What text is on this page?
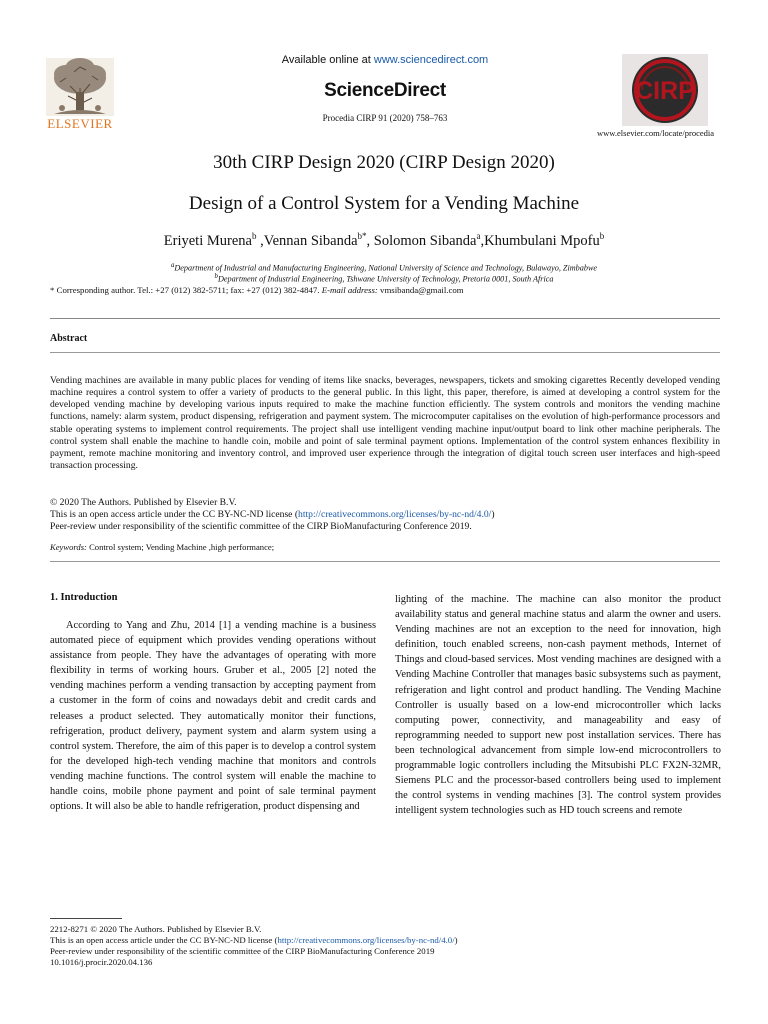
ELSEVIER
Available online at www.sciencedirect.com
ScienceDirect
Procedia CIRP 91 (2020) 758–763
CIRP
www.elsevier.com/locate/procedia
30th CIRP Design 2020 (CIRP Design 2020)
Design of a Control System for a Vending Machine
Eriyeti Murena$^b$ ,Vennan Sibanda$^{b*}$, Solomon Sibanda$^a$,Khumbulani Mpofu$^b$
$^a$Department of Industrial and Manufacturing Engineering, National University of Science and Technology, Bulawayo, Zimbabwe
$^b$Department of Industrial Engineering, Tshwane University of Technology, Pretoria 0001, South Africa
* Corresponding author. Tel.: +27 (012) 382-5711; fax: +27 (012) 382-4847. E-mail address: vmsibanda@gmail.com
Abstract
Vending machines are available in many public places for vending of items like snacks, beverages, newspapers, tickets and smoking cigarettes Recently developed vending machine requires a control system to offer a variety of products to the general public. In this light, this paper, therefore, is aimed at developing a control system for the developed vending machine by developing various inputs required to make the machine function efficiently. The system controls and monitors the vending machine functions, namely: alarm system, product dispensing, refrigeration and payment system. The microcomputer capitalises on the evolution of high-performance processors and stable operating systems to implement control requirements. The project shall use intelligent vending machine input/output board to link other machine peripherals. The control system shall enable the machine to handle coin, mobile and point of sale terminal payment options. Implementation of the control system enhances flexibility in payment, remote machine monitoring and inventory control, and improved user experience through the integration of digital touch screen user interfaces and high-speed transaction processing.
© 2020 The Authors. Published by Elsevier B.V.
This is an open access article under the CC BY-NC-ND license (http://creativecommons.org/licenses/by-nc-nd/4.0/)
Peer-review under responsibility of the scientific committee of the CIRP BioManufacturing Conference 2019.
Keywords: Control system; Vending Machine ,high performance;
1. Introduction
According to Yang and Zhu, 2014 [1] a vending machine is a business automated piece of equipment which provides vending operations without assistance from people. They have the advantages of operating with more flexibility in terms of working hours. Gruber et al., 2005 [2] noted the vending machines perform a vending transaction by accepting payment from a customer in the form of coins and nowadays debit and credit cards and releases a product selected. They automatically monitor their functions, refrigeration, product delivery, payment system and alarm system using a control system. Therefore, the aim of this paper is to develop a control system for the developed high-tech vending machine that monitors and controls vending machine functions. The control system will enable the machine to handle coins, mobile phone payment and point of sale terminal payment options. It will also be able to handle refrigeration, product dispensing and
lighting of the machine. The machine can also monitor the product availability status and general machine status and alarm the owner and users. Vending machines are not an exception to the need for innovation, high definition, touch enabled screens, non-cash payment methods, Internet of Things and cloud-based services. Most vending machines are designed with a Vending Machine Controller that manages basic subsystems such as payment, refrigeration and light control and product handling. The Vending Machine Controller is usually based on a low-end microcontroller which lacks computing power, connectivity, and manageability and easy of reprogramming needed to support new post installation services. There has been technological advancement from simple low-end microcontrollers to programmable logic controllers including the Mitsubishi PLC FX2N-32MR, Siemens PLC and the processor-based controllers being used to implement the control systems in vending machines [3]. The control system provides intelligent system technologies such as HD touch screens and remote
2212-8271 © 2020 The Authors. Published by Elsevier B.V.
This is an open access article under the CC BY-NC-ND license (http://creativecommons.org/licenses/by-nc-nd/4.0/)
Peer-review under responsibility of the scientific committee of the CIRP BioManufacturing Conference 2019
10.1016/j.procir.2020.04.136
